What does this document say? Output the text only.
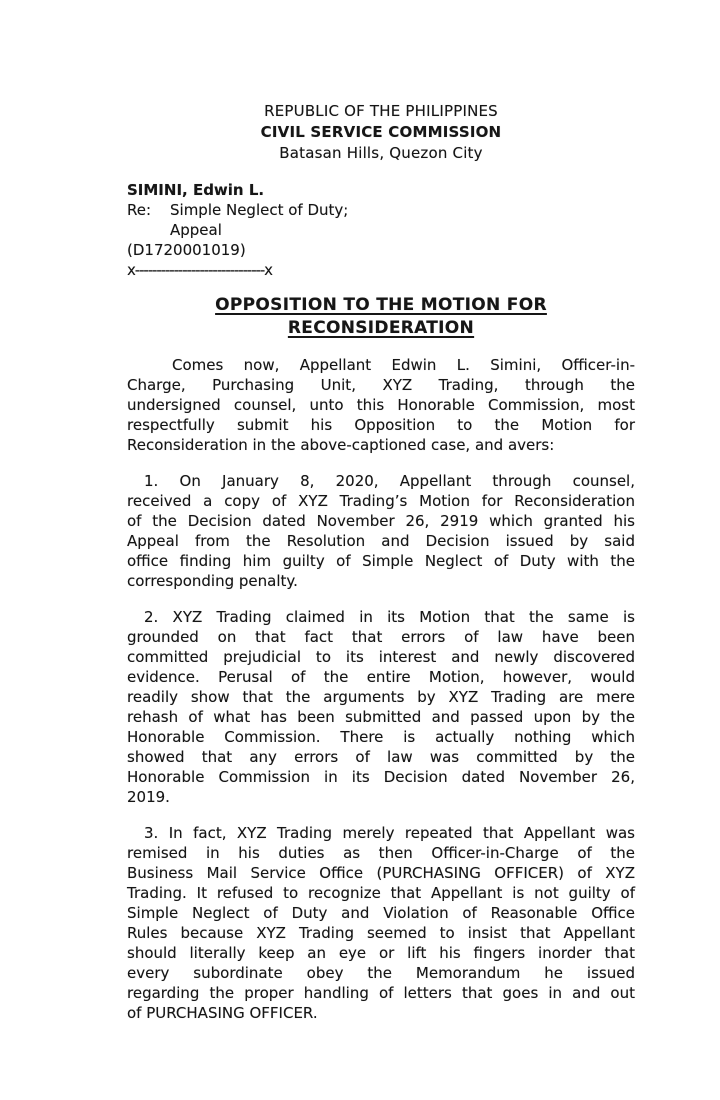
REPUBLIC OF THE PHILIPPINES
CIVIL SERVICE COMMISSION
Batasan Hills, Quezon City
SIMINI, Edwin L.
Re:	Simple Neglect of Duty;
Appeal
(D1720001019)
x------------------------------x
OPPOSITION TO THE MOTION FOR
RECONSIDERATION
Comes now, Appellant Edwin L. Simini, Officer-in-
Charge, Purchasing Unit, XYZ Trading, through the
undersigned counsel, unto this Honorable Commission, most
respectfully submit his Opposition to the Motion for
Reconsideration in the above-captioned case, and avers:
1. On January 8, 2020, Appellant through counsel,
received a copy of XYZ Trading’s Motion for Reconsideration
of the Decision dated November 26, 2919 which granted his
Appeal from the Resolution and Decision issued by said
office finding him guilty of Simple Neglect of Duty with the
corresponding penalty.
2. XYZ Trading claimed in its Motion that the same is
grounded on that fact that errors of law have been
committed prejudicial to its interest and newly discovered
evidence. Perusal of the entire Motion, however, would
readily show that the arguments by XYZ Trading are mere
rehash of what has been submitted and passed upon by the
Honorable Commission. There is actually nothing which
showed that any errors of law was committed by the
Honorable Commission in its Decision dated November 26,
2019.
3. In fact, XYZ Trading merely repeated that Appellant was
remised in his duties as then Officer-in-Charge of the
Business Mail Service Office (PURCHASING OFFICER) of XYZ
Trading. It refused to recognize that Appellant is not guilty of
Simple Neglect of Duty and Violation of Reasonable Office
Rules because XYZ Trading seemed to insist that Appellant
should literally keep an eye or lift his fingers inorder that
every subordinate obey the Memorandum he issued
regarding the proper handling of letters that goes in and out
of PURCHASING OFFICER.
